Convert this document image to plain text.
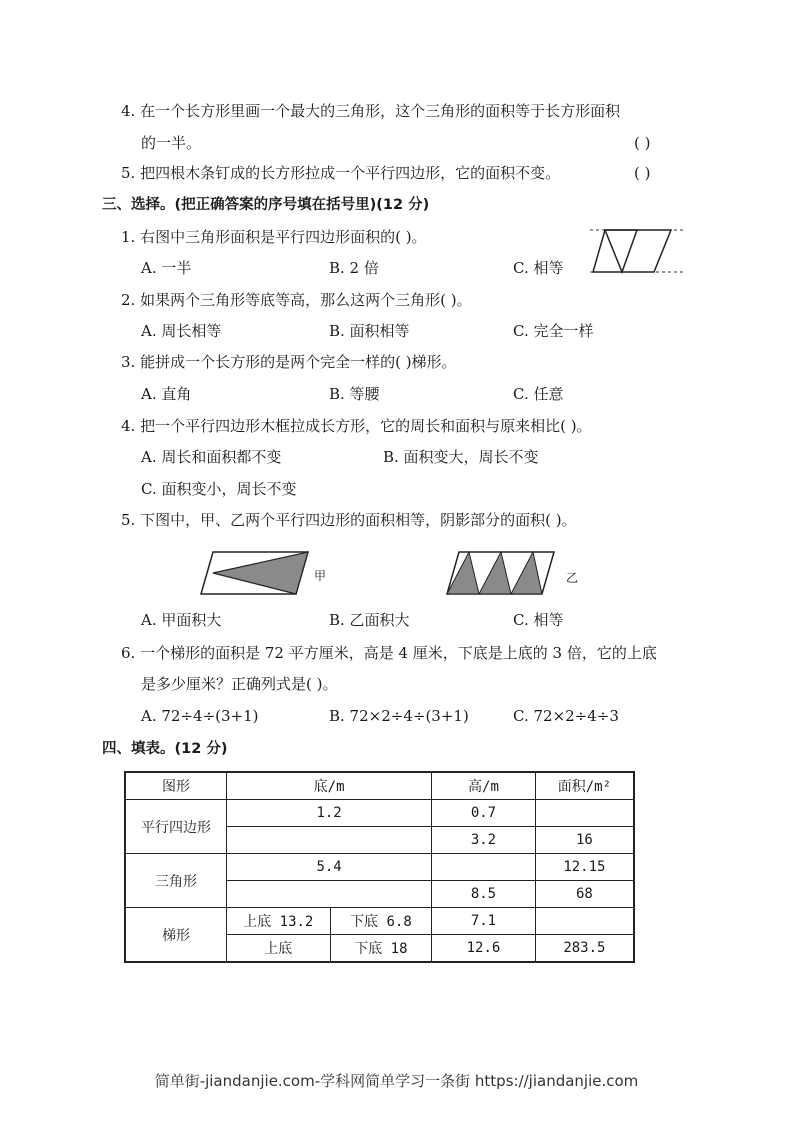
4. 在一个长方形里画一个最大的三角形，这个三角形的面积等于长方形面积
的一半。	( )
5. 把四根木条钉成的长方形拉成一个平行四边形，它的面积不变。	( )
三、选择。(把正确答案的序号填在括号里)(12 分)
1. 右图中三角形面积是平行四边形面积的( )。
A. 一半	B. 2 倍	C. 相等
2. 如果两个三角形等底等高，那么这两个三角形( )。
A. 周长相等	B. 面积相等	C. 完全一样
3. 能拼成一个长方形的是两个完全一样的( )梯形。
A. 直角	B. 等腰	C. 任意
4. 把一个平行四边形木框拉成长方形，它的周长和面积与原来相比( )。
A. 周长和面积都不变	B. 面积变大，周长不变
C. 面积变小，周长不变
5. 下图中，甲、乙两个平行四边形的面积相等，阴影部分的面积( )。
甲	乙
A. 甲面积大	B. 乙面积大	C. 相等
6. 一个梯形的面积是 72 平方厘米，高是 4 厘米，下底是上底的 3 倍，它的上底
是多少厘米？正确列式是( )。
A. 72÷4÷(3+1)	B. 72×2÷4÷(3+1)	C. 72×2÷4÷3
四、填表。(12 分)
图形	底/m		高/m	面积/m²
平行四边形	1.2		0.7	
			3.2	16
三角形	5.4			12.15
			8.5	68
梯形	上底 13.2	下底 6.8	7.1	
	上底	下底 18	12.6	283.5
简单街-jiandanjie.com-学科网简单学习一条街 https://jiandanjie.com
